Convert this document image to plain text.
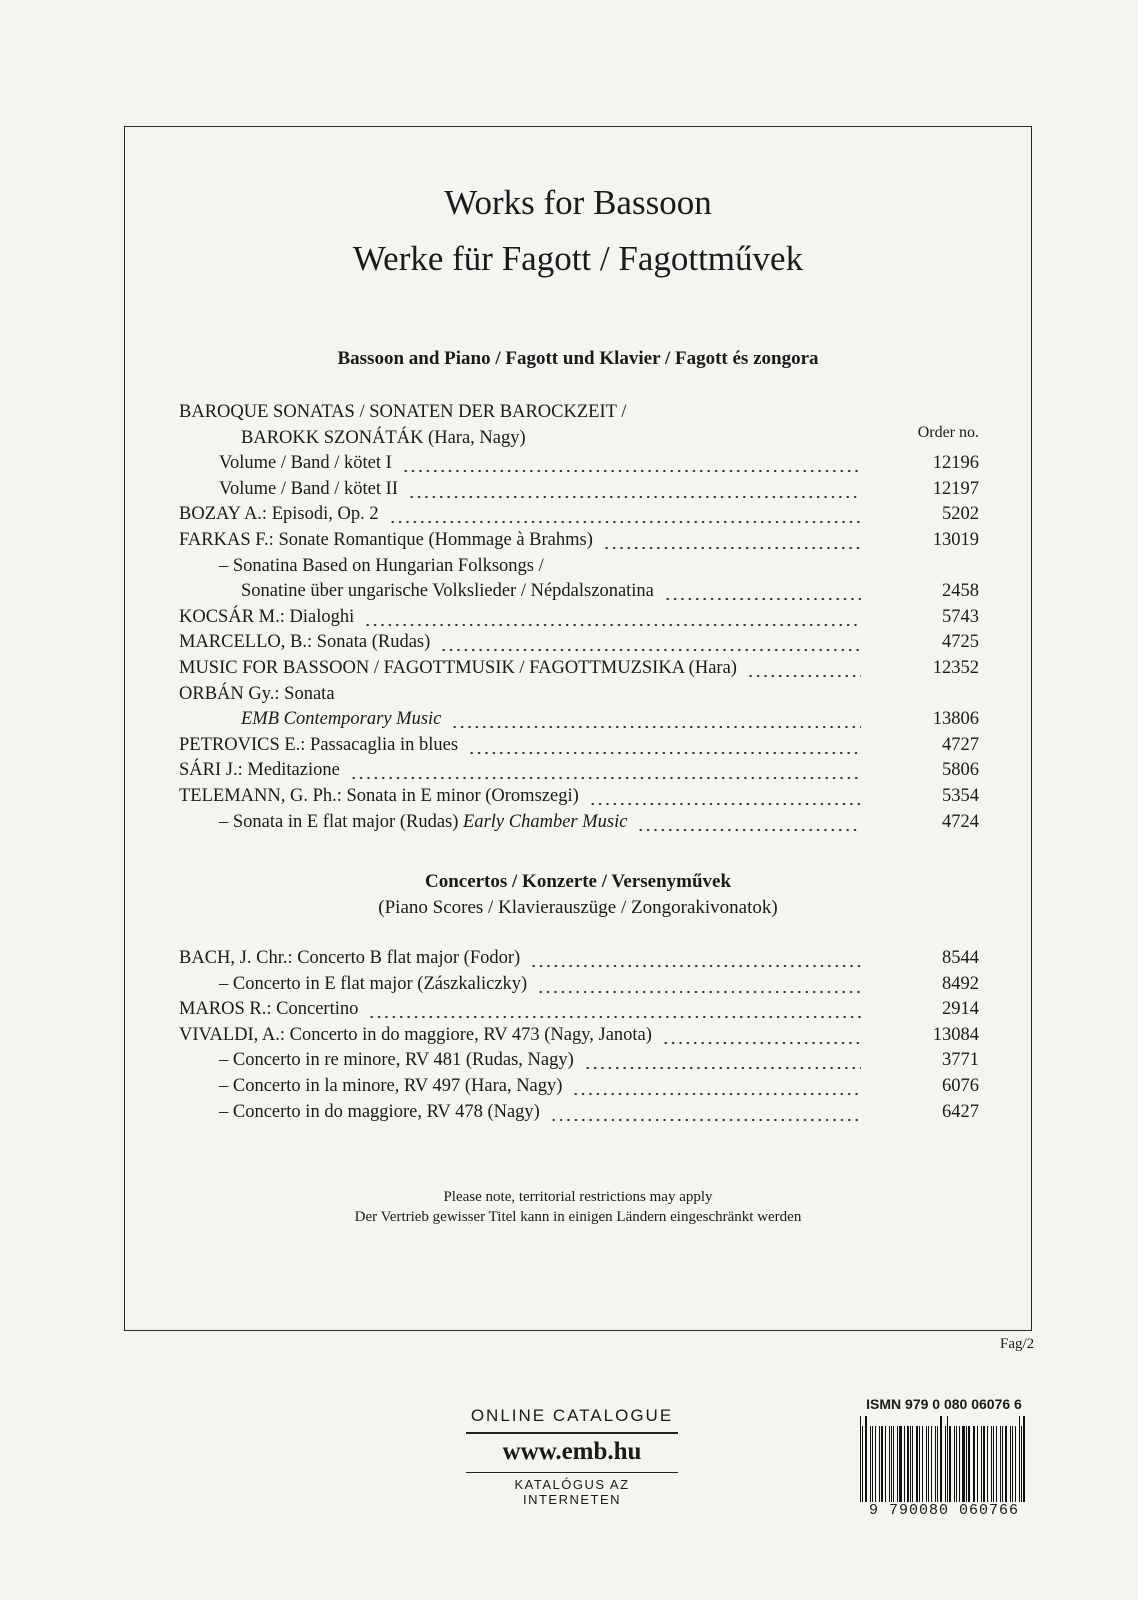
Works for Bassoon
Werke für Fagott / Fagottművek
Bassoon and Piano / Fagott und Klavier / Fagott és zongora
Order no.
BAROQUE SONATAS / SONATEN DER BAROCKZEIT /
BAROKK SZONÁTÁK (Hara, Nagy)
Volume / Band / kötet I	12196
Volume / Band / kötet II	12197
BOZAY A.: Episodi, Op. 2	5202
FARKAS F.: Sonate Romantique (Hommage à Brahms)	13019
– Sonatina Based on Hungarian Folksongs /
Sonatine über ungarische Volkslieder / Népdalszonatina	2458
KOCSÁR M.: Dialoghi	5743
MARCELLO, B.: Sonata (Rudas)	4725
MUSIC FOR BASSOON / FAGOTTMUSIK / FAGOTTMUZSIKA (Hara)	12352
ORBÁN Gy.: Sonata
EMB Contemporary Music	13806
PETROVICS E.: Passacaglia in blues	4727
SÁRI J.: Meditazione	5806
TELEMANN, G. Ph.: Sonata in E minor (Oromszegi)	5354
– Sonata in E flat major (Rudas) Early Chamber Music	4724
Concertos / Konzerte / Versenyművek
(Piano Scores / Klavierauszüge / Zongorakivonatok)
BACH, J. Chr.: Concerto B flat major (Fodor)	8544
– Concerto in E flat major (Zászkaliczky)	8492
MAROS R.: Concertino	2914
VIVALDI, A.: Concerto in do maggiore, RV 473 (Nagy, Janota)	13084
– Concerto in re minore, RV 481 (Rudas, Nagy)	3771
– Concerto in la minore, RV 497 (Hara, Nagy)	6076
– Concerto in do maggiore, RV 478 (Nagy)	6427
Please note, territorial restrictions may apply
Der Vertrieb gewisser Titel kann in einigen Ländern eingeschränkt werden
Fag/2
ONLINE CATALOGUE
www.emb.hu
KATALÓGUS AZ INTERNETEN
ISMN 979 0 080 06076 6
9 790080 060766
